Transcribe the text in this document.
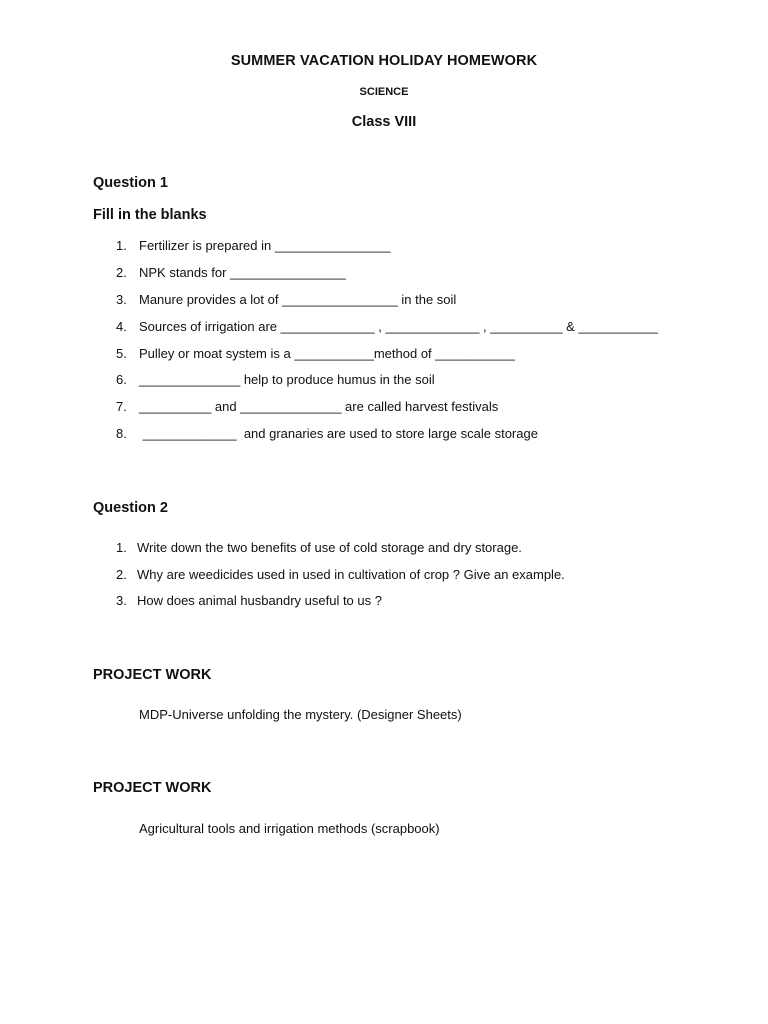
SUMMER VACATION HOLIDAY HOMEWORK
SCIENCE
Class VIII
Question 1
Fill in the blanks
1. Fertilizer is prepared in ________________
2. NPK stands for ________________
3. Manure provides a lot of ________________ in the soil
4. Sources of irrigation are _____________ , _____________ , __________ & ___________
5. Pulley or moat system is a ___________method of ___________
6. ______________ help to produce humus in the soil
7. __________ and ______________ are called harvest festivals
8. _____________  and granaries are used to store large scale storage
Question 2
1. Write down the two benefits of use of cold storage and dry storage.
2. Why are weedicides used in used in cultivation of crop ? Give an example.
3. How does animal husbandry useful to us ?
PROJECT WORK
MDP-Universe unfolding the mystery. (Designer Sheets)
PROJECT WORK
Agricultural tools and irrigation methods (scrapbook)
